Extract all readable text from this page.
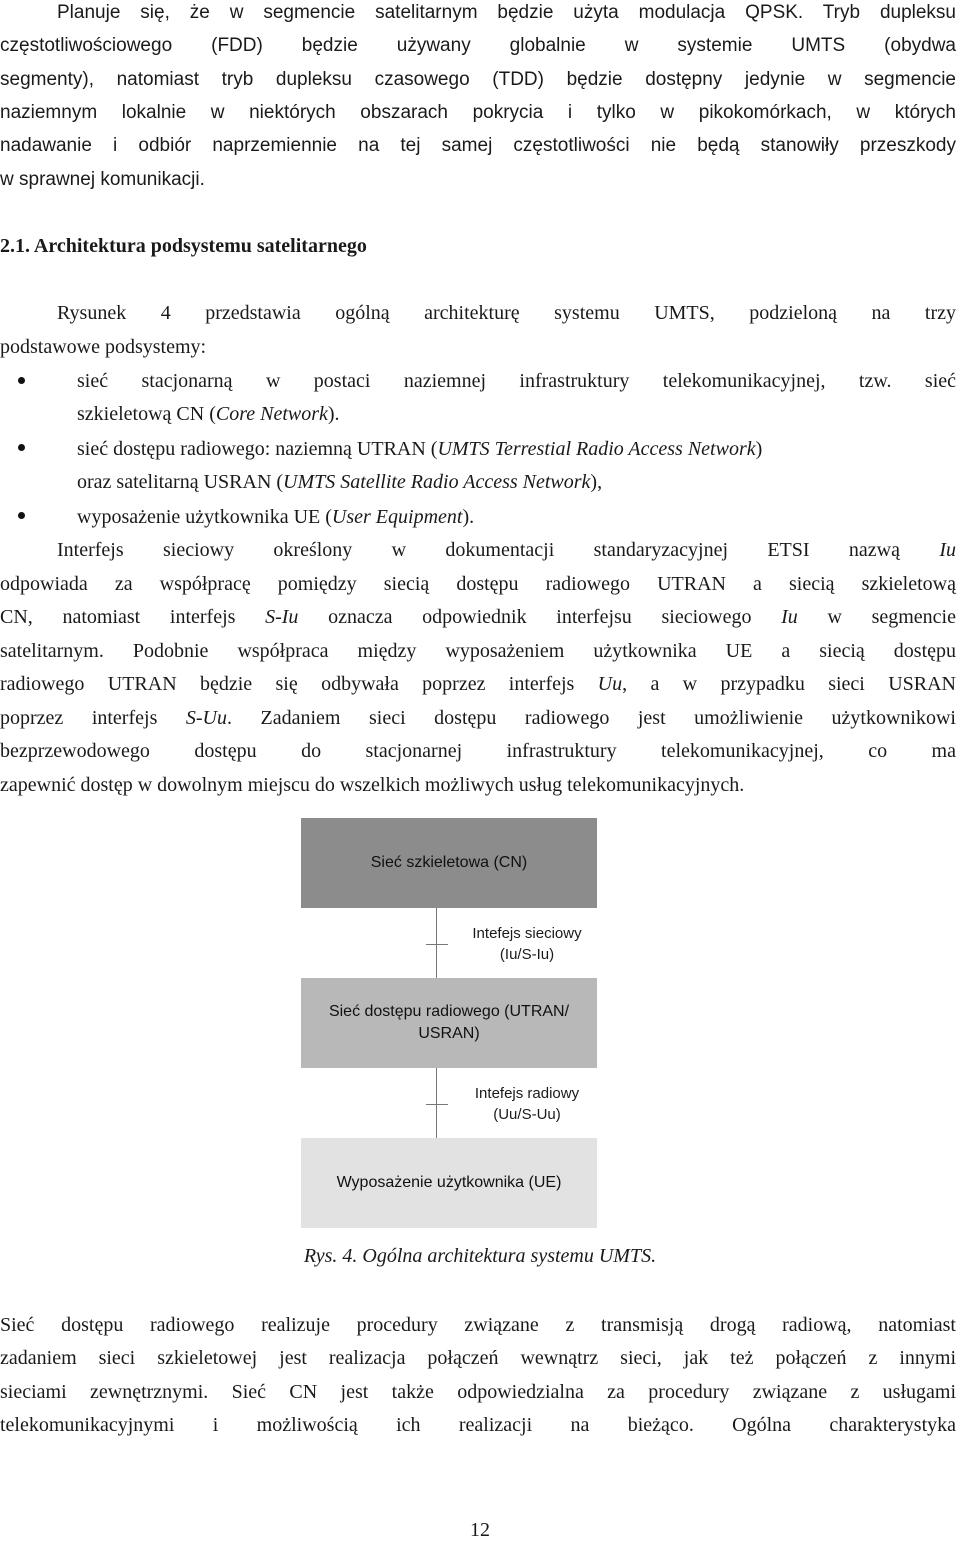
Planuje się, że w segmencie satelitarnym będzie użyta modulacja QPSK. Tryb dupleksu
częstotliwościowego (FDD) będzie używany globalnie w systemie UMTS (obydwa
segmenty), natomiast tryb dupleksu czasowego (TDD) będzie dostępny jedynie w segmencie
naziemnym lokalnie w niektórych obszarach pokrycia i tylko w pikokomórkach, w których
nadawanie i odbiór naprzemiennie na tej samej częstotliwości nie będą stanowiły przeszkody
w sprawnej komunikacji.
2.1. Architektura podsystemu satelitarnego
Rysunek 4 przedstawia ogólną architekturę systemu UMTS, podzieloną na trzy
podstawowe podsystemy:
sieć stacjonarną w postaci naziemnej infrastruktury telekomunikacyjnej, tzw. sieć
szkieletową CN (Core Network).
sieć dostępu radiowego: naziemną UTRAN (UMTS Terrestial Radio Access Network)
oraz satelitarną USRAN (UMTS Satellite Radio Access Network),
wyposażenie użytkownika UE (User Equipment).
Interfejs sieciowy określony w dokumentacji standaryzacyjnej ETSI nazwą Iu
odpowiada za współpracę pomiędzy siecią dostępu radiowego UTRAN a siecią szkieletową
CN, natomiast interfejs S-Iu oznacza odpowiednik interfejsu sieciowego Iu w segmencie
satelitarnym. Podobnie współpraca między wyposażeniem użytkownika UE a siecią dostępu
radiowego UTRAN będzie się odbywała poprzez interfejs Uu, a w przypadku sieci USRAN
poprzez interfejs S-Uu. Zadaniem sieci dostępu radiowego jest umożliwienie użytkownikowi
bezprzewodowego dostępu do stacjonarnej infrastruktury telekomunikacyjnej, co ma
zapewnić dostęp w dowolnym miejscu do wszelkich możliwych usług telekomunikacyjnych.
Sieć szkieletowa (CN)
Intefejs sieciowy
(Iu/S-Iu)
Sieć dostępu radiowego (UTRAN/
USRAN)
Intefejs radiowy
(Uu/S-Uu)
Wyposażenie użytkownika (UE)
Rys. 4. Ogólna architektura systemu UMTS.
Sieć dostępu radiowego realizuje procedury związane z transmisją drogą radiową, natomiast
zadaniem sieci szkieletowej jest realizacja połączeń wewnątrz sieci, jak też połączeń z innymi
sieciami zewnętrznymi. Sieć CN jest także odpowiedzialna za procedury związane z usługami
telekomunikacyjnymi i możliwością ich realizacji na bieżąco. Ogólna charakterystyka
12
